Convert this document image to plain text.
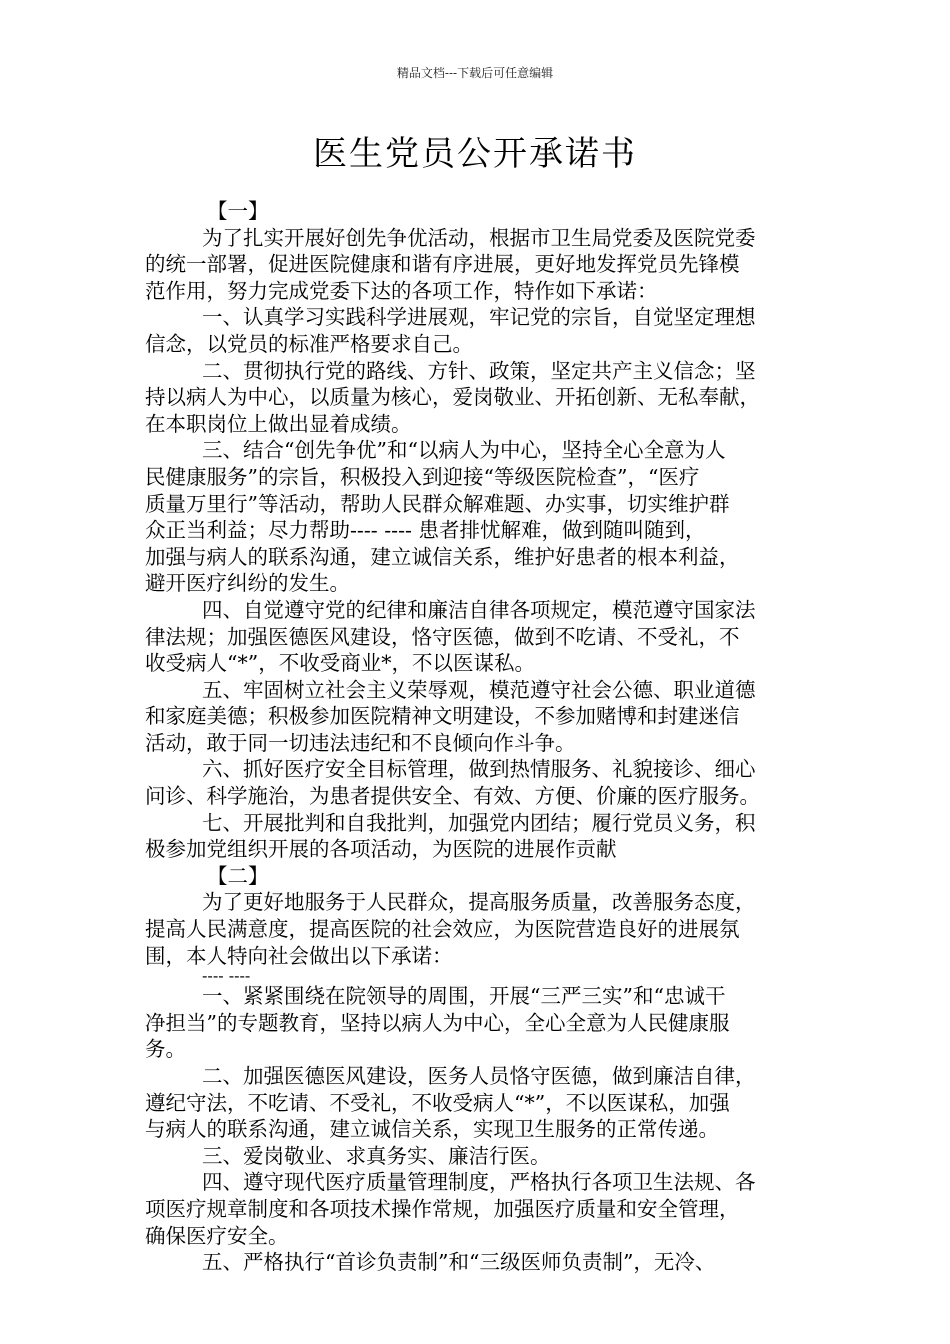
精品文档---下载后可任意编辑
医生党员公开承诺书
【一】
为了扎实开展好创先争优活动，根据市卫生局党委及医院党委
的统一部署，促进医院健康和谐有序进展，更好地发挥党员先锋模
范作用，努力完成党委下达的各项工作，特作如下承诺：
一、认真学习实践科学进展观，牢记党的宗旨，自觉坚定理想
信念，以党员的标准严格要求自己。
二、贯彻执行党的路线、方针、政策，坚定共产主义信念；坚
持以病人为中心，以质量为核心，爱岗敬业、开拓创新、无私奉献，
在本职岗位上做出显着成绩。
三、结合“创先争优”和“以病人为中心，坚持全心全意为人
民健康服务”的宗旨，积极投入到迎接“等级医院检查”，“医疗
质量万里行”等活动，帮助人民群众解难题、办实事，切实维护群
众正当利益；尽力帮助---- ---- 患者排忧解难，做到随叫随到，
加强与病人的联系沟通，建立诚信关系，维护好患者的根本利益，
避开医疗纠纷的发生。
四、自觉遵守党的纪律和廉洁自律各项规定，模范遵守国家法
律法规；加强医德医风建设，恪守医德，做到不吃请、不受礼，不
收受病人“*”，不收受商业*，不以医谋私。
五、牢固树立社会主义荣辱观，模范遵守社会公德、职业道德
和家庭美德；积极参加医院精神文明建设，不参加赌博和封建迷信
活动，敢于同一切违法违纪和不良倾向作斗争。
六、抓好医疗安全目标管理，做到热情服务、礼貌接诊、细心
问诊、科学施治，为患者提供安全、有效、方便、价廉的医疗服务。
七、开展批判和自我批判，加强党内团结；履行党员义务，积
极参加党组织开展的各项活动，为医院的进展作贡献
【二】
为了更好地服务于人民群众，提高服务质量，改善服务态度，
提高人民满意度，提高医院的社会效应，为医院营造良好的进展氛
围，本人特向社会做出以下承诺：
---- ----
一、紧紧围绕在院领导的周围，开展“三严三实”和“忠诚干
净担当”的专题教育，坚持以病人为中心，全心全意为人民健康服
务。
二、加强医德医风建设，医务人员恪守医德，做到廉洁自律，
遵纪守法，不吃请、不受礼，不收受病人“*”，不以医谋私，加强
与病人的联系沟通，建立诚信关系，实现卫生服务的正常传递。
三、爱岗敬业、求真务实、廉洁行医。
四、遵守现代医疗质量管理制度，严格执行各项卫生法规、各
项医疗规章制度和各项技术操作常规，加强医疗质量和安全管理，
确保医疗安全。
五、严格执行“首诊负责制”和“三级医师负责制”，无冷、
